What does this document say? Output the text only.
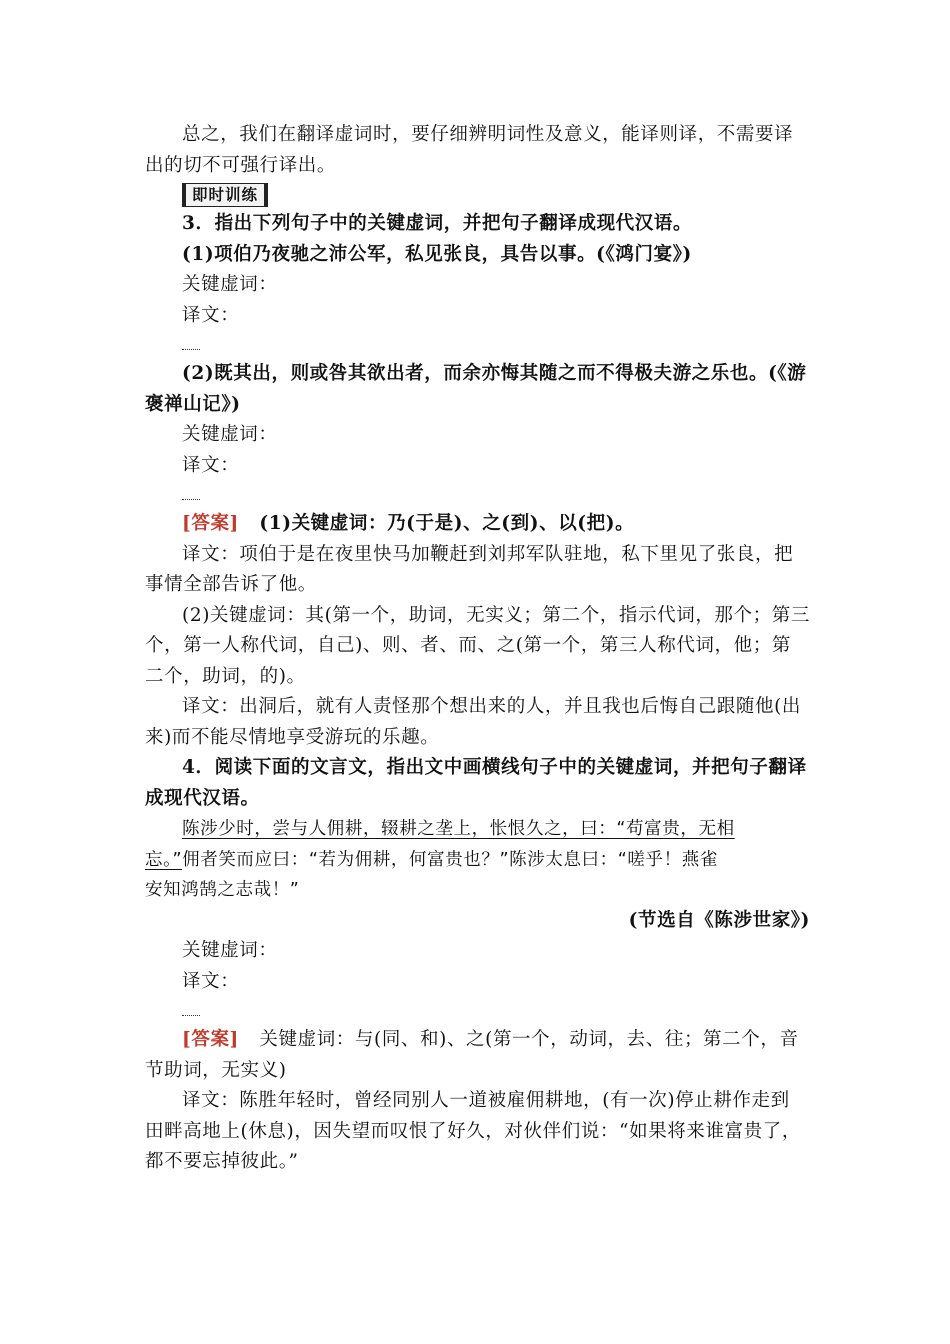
总之，我们在翻译虚词时，要仔细辨明词性及意义，能译则译，不需要译

出的切不可强行译出。

即时训练

3．指出下列句子中的关键虚词，并把句子翻译成现代汉语。

(1)项伯乃夜驰之沛公军，私见张良，具告以事。(《鸿门宴》)

关键虚词：

译文：

(2)既其出，则或咎其欲出者，而余亦悔其随之而不得极夫游之乐也。(《游

褒禅山记》)

关键虚词：

译文：

[答案] (1)关键虚词：乃(于是)、之(到)、以(把)。

译文：项伯于是在夜里快马加鞭赶到刘邦军队驻地，私下里见了张良，把

事情全部告诉了他。

(2)关键虚词：其(第一个，助词，无实义；第二个，指示代词，那个；第三

个，第一人称代词，自己)、则、者、而、之(第一个，第三人称代词，他；第

二个，助词，的)。

译文：出洞后，就有人责怪那个想出来的人，并且我也后悔自己跟随他(出

来)而不能尽情地享受游玩的乐趣。

4．阅读下面的文言文，指出文中画横线句子中的关键虚词，并把句子翻译

成现代汉语。

陈涉少时，尝与人佣耕，辍耕之垄上，怅恨久之，曰：“苟富贵，无相

忘。”佣者笑而应曰：“若为佣耕，何富贵也？”陈涉太息曰：“嗟乎！燕雀

安知鸿鹄之志哉！”

(节选自《陈涉世家》)

关键虚词：

译文：

[答案] 关键虚词：与(同、和)、之(第一个，动词，去、往；第二个，音

节助词，无实义)

译文：陈胜年轻时，曾经同别人一道被雇佣耕地，(有一次)停止耕作走到

田畔高地上(休息)，因失望而叹恨了好久，对伙伴们说：“如果将来谁富贵了，

都不要忘掉彼此。”
